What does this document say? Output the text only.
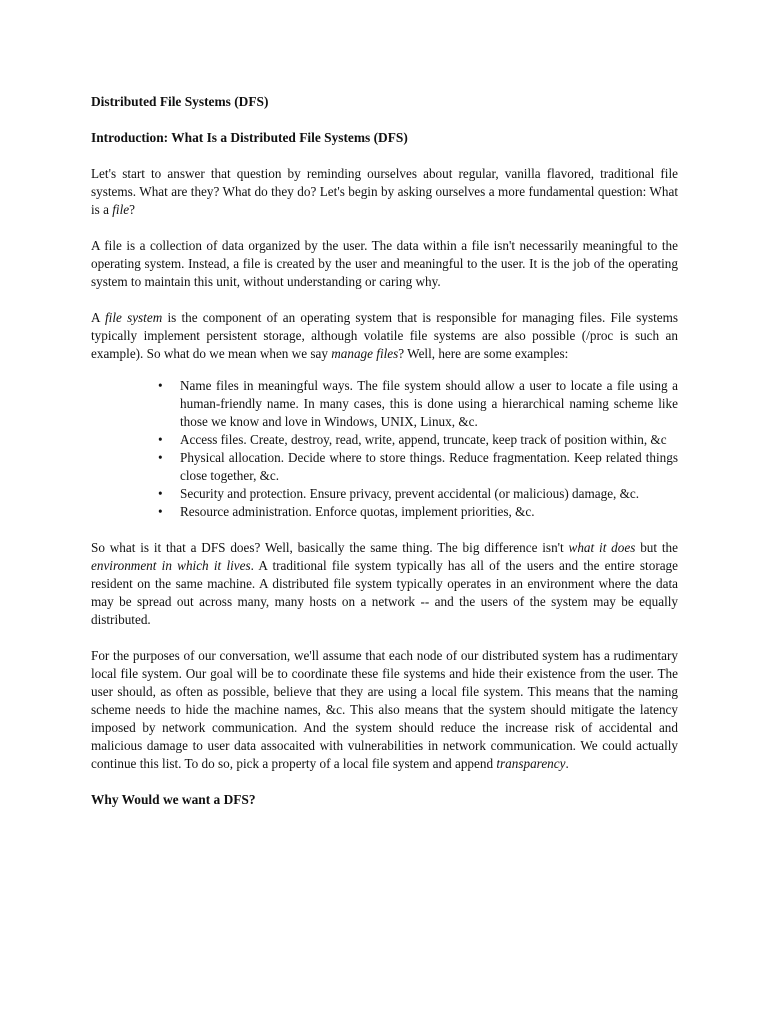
Distributed File Systems (DFS)

Introduction: What Is a Distributed File Systems (DFS)

Let's start to answer that question by reminding ourselves about regular, vanilla flavored, traditional file systems. What are they? What do they do? Let's begin by asking ourselves a more fundamental question: What is a file?

A file is a collection of data organized by the user. The data within a file isn't necessarily meaningful to the operating system. Instead, a file is created by the user and meaningful to the user. It is the job of the operating system to maintain this unit, without understanding or caring why.

A file system is the component of an operating system that is responsible for managing files. File systems typically implement persistent storage, although volatile file systems are also possible (/proc is such an example). So what do we mean when we say manage files? Well, here are some examples:

• Name files in meaningful ways. The file system should allow a user to locate a file using a human-friendly name. In many cases, this is done using a hierarchical naming scheme like those we know and love in Windows, UNIX, Linux, &c.
• Access files. Create, destroy, read, write, append, truncate, keep track of position within, &c
• Physical allocation. Decide where to store things. Reduce fragmentation. Keep related things close together, &c.
• Security and protection. Ensure privacy, prevent accidental (or malicious) damage, &c.
• Resource administration. Enforce quotas, implement priorities, &c.

So what is it that a DFS does? Well, basically the same thing. The big difference isn't what it does but the environment in which it lives. A traditional file system typically has all of the users and the entire storage resident on the same machine. A distributed file system typically operates in an environment where the data may be spread out across many, many hosts on a network -- and the users of the system may be equally distributed.

For the purposes of our conversation, we'll assume that each node of our distributed system has a rudimentary local file system. Our goal will be to coordinate these file systems and hide their existence from the user. The user should, as often as possible, believe that they are using a local file system. This means that the naming scheme needs to hide the machine names, &c. This also means that the system should mitigate the latency imposed by network communication. And the system should reduce the increase risk of accidental and malicious damage to user data assocaited with vulnerabilities in network communication. We could actually continue this list. To do so, pick a property of a local file system and append transparency.

Why Would we want a DFS?
